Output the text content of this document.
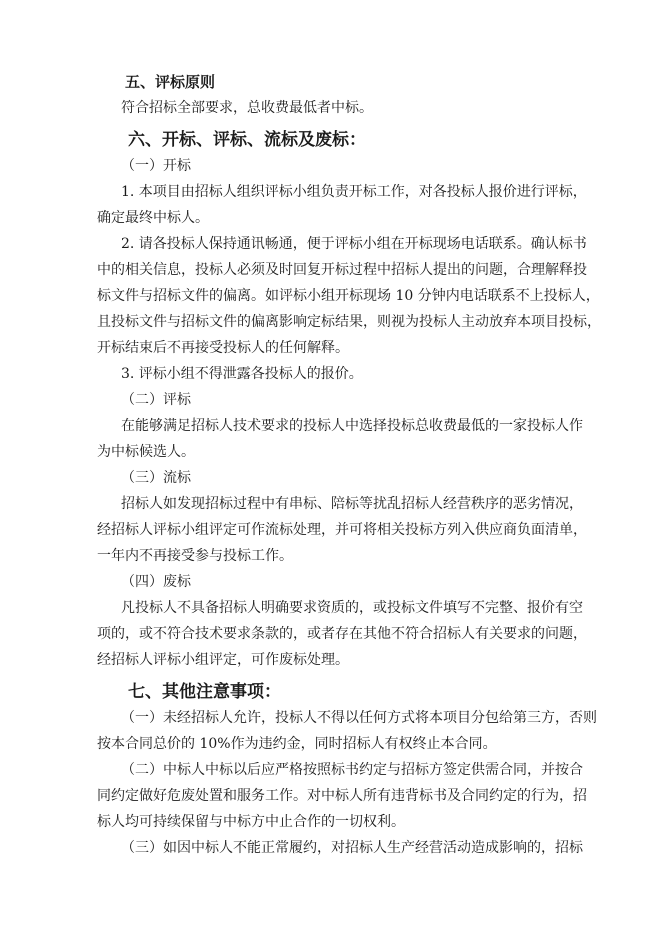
五、评标原则
符合招标全部要求，总收费最低者中标。
六、开标、评标、流标及废标：
（一）开标
1. 本项目由招标人组织评标小组负责开标工作，对各投标人报价进行评标，
确定最终中标人。
2. 请各投标人保持通讯畅通，便于评标小组在开标现场电话联系。确认标书
中的相关信息，投标人必须及时回复开标过程中招标人提出的问题，合理解释投
标文件与招标文件的偏离。如评标小组开标现场 10 分钟内电话联系不上投标人，
且投标文件与招标文件的偏离影响定标结果，则视为投标人主动放弃本项目投标，
开标结束后不再接受投标人的任何解释。
3. 评标小组不得泄露各投标人的报价。
（二）评标
在能够满足招标人技术要求的投标人中选择投标总收费最低的一家投标人作
为中标候选人。
（三）流标
招标人如发现招标过程中有串标、陪标等扰乱招标人经营秩序的恶劣情况，
经招标人评标小组评定可作流标处理，并可将相关投标方列入供应商负面清单，
一年内不再接受参与投标工作。
（四）废标
凡投标人不具备招标人明确要求资质的，或投标文件填写不完整、报价有空
项的，或不符合技术要求条款的，或者存在其他不符合招标人有关要求的问题，
经招标人评标小组评定，可作废标处理。
七、其他注意事项：
（一）未经招标人允许，投标人不得以任何方式将本项目分包给第三方，否则
按本合同总价的 10%作为违约金，同时招标人有权终止本合同。
（二）中标人中标以后应严格按照标书约定与招标方签定供需合同，并按合
同约定做好危废处置和服务工作。对中标人所有违背标书及合同约定的行为，招
标人均可持续保留与中标方中止合作的一切权利。
（三）如因中标人不能正常履约，对招标人生产经营活动造成影响的，招标
